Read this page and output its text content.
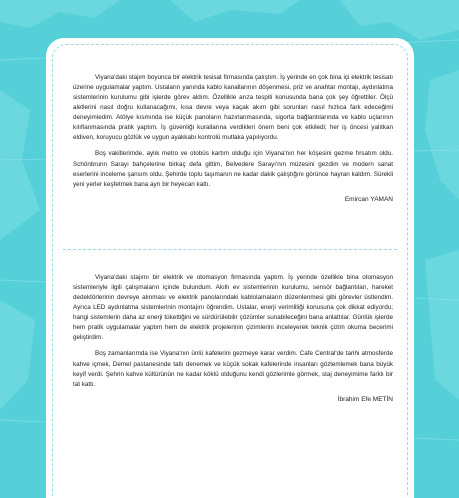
Viyana'daki stajım boyunca bir elektrik tesisat firmasında çalıştım. İş yerinde en çok bina içi elektrik tesisatı üzerine uygulamalar yaptım. Ustaların yanında kablo kanallarının döşenmesi, priz ve anahtar montajı, aydınlatma sistemlerinin kurulumu gibi işlerde görev aldım. Özellikle arıza tespiti konusunda bana çok şey öğrettiler. Ölçü aletlerini nasıl doğru kullanacağımı, kısa devre veya kaçak akım gibi sorunları nasıl hızlıca fark edeceğimi deneyimledim. Atölye kısmında ise küçük panoların hazırlanmasında, sigorta bağlantılarında ve kablo uçlarının kılıflanmasında pratik yaptım. İş güvenliği kurallarına verdikleri önem beni çok etkiledi; her iş öncesi yalıtkan eldiven, koruyucu gözlük ve uygun ayakkabı kontrolü mutlaka yapılıyordu.

Boş vakitlerimde, aylık metro ve otobüs kartım olduğu için Viyana'nın her köşesini gezme fırsatım oldu. Schönbrunn Sarayı bahçelerine birkaç defa gittim, Belvedere Sarayı'nın müzesini gezdim ve modern sanat eserlerini inceleme şansım oldu. Şehirde toplu taşımanın ne kadar dakik çalıştığını görünce hayran kaldım. Sürekli yeni yerler keşfetmek bana ayrı bir heyecan kattı.

Emircan YAMAN

Viyana'daki stajımı bir elektrik ve otomasyon firmasında yaptım. İş yerinde özellikle bina otomasyon sistemleriyle ilgili çalışmaların içinde bulundum. Akıllı ev sistemlerinin kurulumu, sensör bağlantıları, hareket dedektörlerinin devreye alınması ve elektrik panolarındaki kablolamaların düzenlenmesi gibi görevler üstlendim. Ayrıca LED aydınlatma sistemlerinin montajını öğrendim. Ustalar, enerji verimliliği konusuna çok dikkat ediyordu; hangi sistemlerin daha az enerji tükettiğini ve sürdürülebilir çözümler sunabileceğini bana anlattılar. Günlük işlerde hem pratik uygulamalar yaptım hem de elektrik projelerinin çizimlerini inceleyerek teknik çizim okuma becerimi geliştirdim.

Boş zamanlarımda ise Viyana'nın ünlü kafelerini gezmeye karar verdim. Cafe Central'de tarihi atmosferde kahve içmek, Demel pastanesinde tatlı denemek ve küçük sokak kafelerinde insanları gözlemlemek bana büyük keyif verdi. Şehrin kahve kültürünün ne kadar köklü olduğunu kendi gözlerimle görmek, staj deneyimime farklı bir tat kattı.

İbrahim Efe METİN
